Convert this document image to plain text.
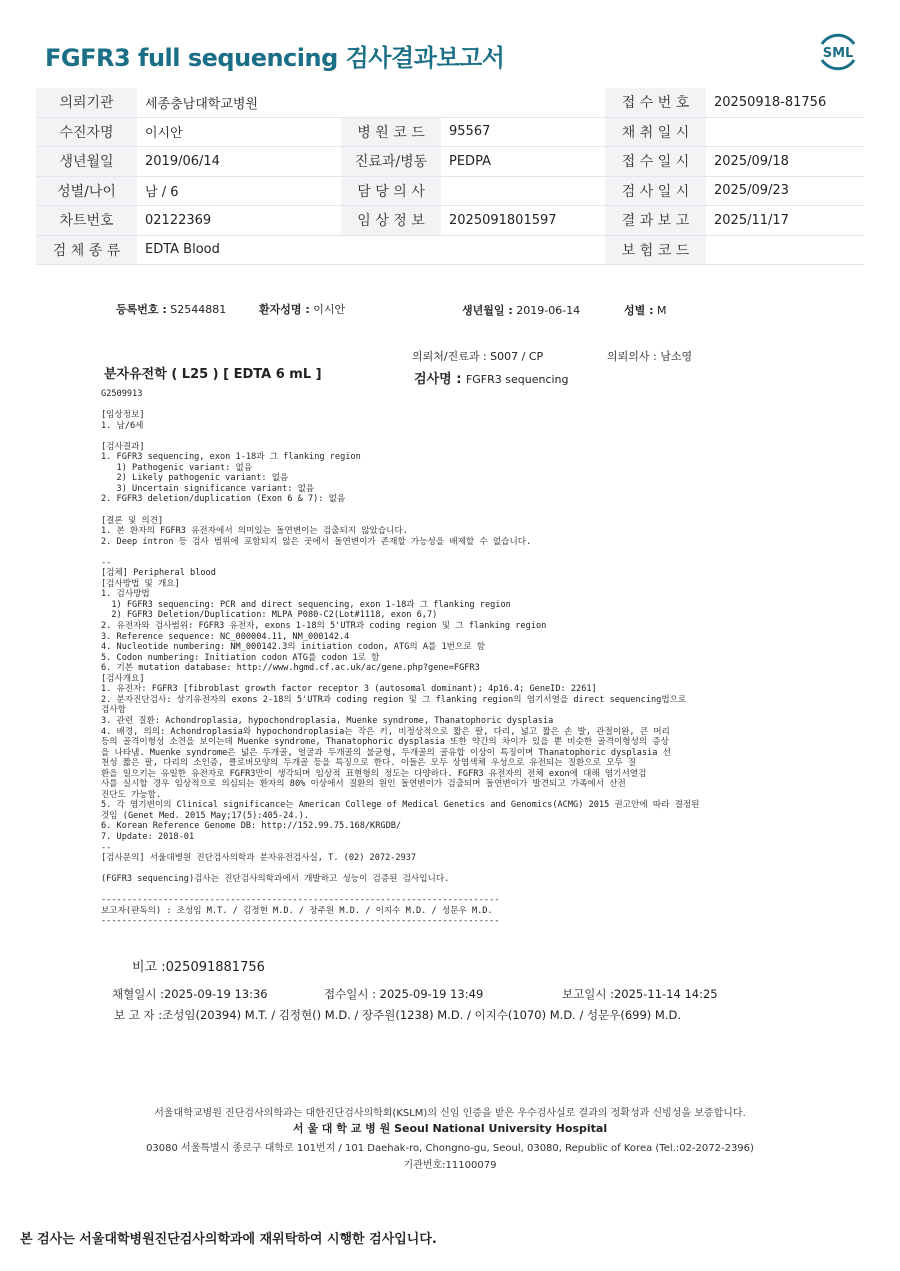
FGFR3 full sequencing 검사결과보고서	SML
의뢰기관	세종충남대학교병원			접 수 번 호	20250918-81756
수진자명	이시안	병 원 코 드	95567	채 취 일 시	
생년월일	2019/06/14	진료과/병동	PEDPA	접 수 일 시	2025/09/18
성별/나이	남 / 6	담 당 의 사		검 사 일 시	2025/09/23
차트번호	02122369	임 상 정 보	2025091801597	결 과 보 고	2025/11/17
검 체 종 류	EDTA Blood			보 험 코 드	
등록번호 : S2544881	환자성명 : 이시안	생년월일 : 2019-06-14	성별 : M
의뢰처/진료과 : S007 / CP	의뢰의사 : 남소영
분자유전학 ( L25 ) [ EDTA 6 mL ]	검사명 : FGFR3 sequencing
G2509913

[임상정보]
1. 남/6세

[검사결과]
1. FGFR3 sequencing, exon 1-18과 그 flanking region
1) Pathogenic variant: 없음
2) Likely pathogenic variant: 없음
3) Uncertain significance variant: 없음
2. FGFR3 deletion/duplication (Exon 6 & 7): 없음

[결론 및 의견]
1. 본 환자의 FGFR3 유전자에서 의미있는 돌연변이는 검출되지 않았습니다.
2. Deep intron 등 검사 범위에 포함되지 않은 곳에서 돌연변이가 존재할 가능성을 배제할 수 없습니다.

--
[검체] Peripheral blood
[검사방법 및 개요]
1. 검사방법
1) FGFR3 sequencing: PCR and direct sequencing, exon 1-18과 그 flanking region
2) FGFR3 Deletion/Duplication: MLPA P080-C2(Lot#1118, exon 6,7)
2. 유전자와 검사범위: FGFR3 유전자, exons 1-18의 5'UTR과 coding region 및 그 flanking region
3. Reference sequence: NC_000004.11, NM_000142.4
4. Nucleotide numbering: NM_000142.3의 initiation codon, ATG의 A를 1번으로 함
5. Codon numbering: Initiation codon ATG를 codon 1로 함
6. 기본 mutation database: http://www.hgmd.cf.ac.uk/ac/gene.php?gene=FGFR3
[검사개요]
1. 유전자: FGFR3 [fibroblast growth factor receptor 3 (autosomal dominant); 4p16.4; GeneID: 2261]
2. 분자진단검사: 상기유전자의 exons 2-18의 5'UTR과 coding region 및 그 flanking region의 염기서열을 direct sequencing법으로
검사함
3. 관련 질환: Achondroplasia, hypochondroplasia, Muenke syndrome, Thanatophoric dysplasia
4. 배경, 의의: Achondroplasia와 hypochondroplasia는 작은 키, 비정상적으로 짧은 팔, 다리, 넓고 짧은 손 발, 관절이완, 큰 머리
등의 골격이형성 소견을 보이는데 Muenke syndrome, Thanatophoric dysplasia 또한 약간의 차이가 있을 뿐 비슷한 골격이형성의 증상
을 나타냄. Muenke syndrome은 넓은 두개골, 얼굴과 두개골의 불균형, 두개골의 골유합 이상이 특징이며 Thanatophoric dysplasia 선
천성 짧은 팔, 다리의 소인증, 클로버모양의 두개골 등을 특징으로 한다. 이들은 모두 상염색체 우성으로 유전되는 질환으로 모두 질
환을 일으키는 유일한 유전자로 FGFR3만이 생각되며 임상적 표현형의 정도는 다양하다. FGFR3 유전자의 전체 exon에 대해 염기서열검
사를 실시할 경우 임상적으로 의심되는 환자의 80% 이상에서 질환의 원인 돌연변이가 검출되며 돌연변이가 발견되고 가족에서 산전
진단도 가능함.
5. 각 염기변이의 Clinical significance는 American College of Medical Genetics and Genomics(ACMG) 2015 권고안에 따라 결정된
것임 (Genet Med. 2015 May;17(5):405-24.).
6. Korean Reference Genome DB: http://152.99.75.168/KRGDB/
7. Update: 2018-01
--
[검사문의] 서울대병원 진단검사의학과 분자유전검사실, T. (02) 2072-2937

(FGFR3 sequencing)검사는 진단검사의학과에서 개발하고 성능이 검증된 검사입니다.

-----------------------------------------------------------------------------
보고자(판독의) : 조성임 M.T. / 김정현 M.D. / 장주원 M.D. / 이지수 M.D. / 성문우 M.D.
-----------------------------------------------------------------------------
비고 :025091881756
채혈일시 :2025-09-19 13:36	접수일시 : 2025-09-19 13:49	보고일시 :2025-11-14 14:25
보 고 자 :조성임(20394) M.T. / 김정현() M.D. / 장주원(1238) M.D. / 이지수(1070) M.D. / 성문우(699) M.D.
서울대학교병원 진단검사의학과는 대한진단검사의학회(KSLM)의 신임 인증을 받은 우수검사실로 결과의 정확성과 신빙성을 보증합니다.
서 울 대 학 교 병 원 Seoul National University Hospital
03080 서울특별시 종로구 대학로 101번지 / 101 Daehak-ro, Chongno-gu, Seoul, 03080, Republic of Korea (Tel.:02-2072-2396)
기관번호:11100079
본 검사는 서울대학병원진단검사의학과에 재위탁하여 시행한 검사입니다.
